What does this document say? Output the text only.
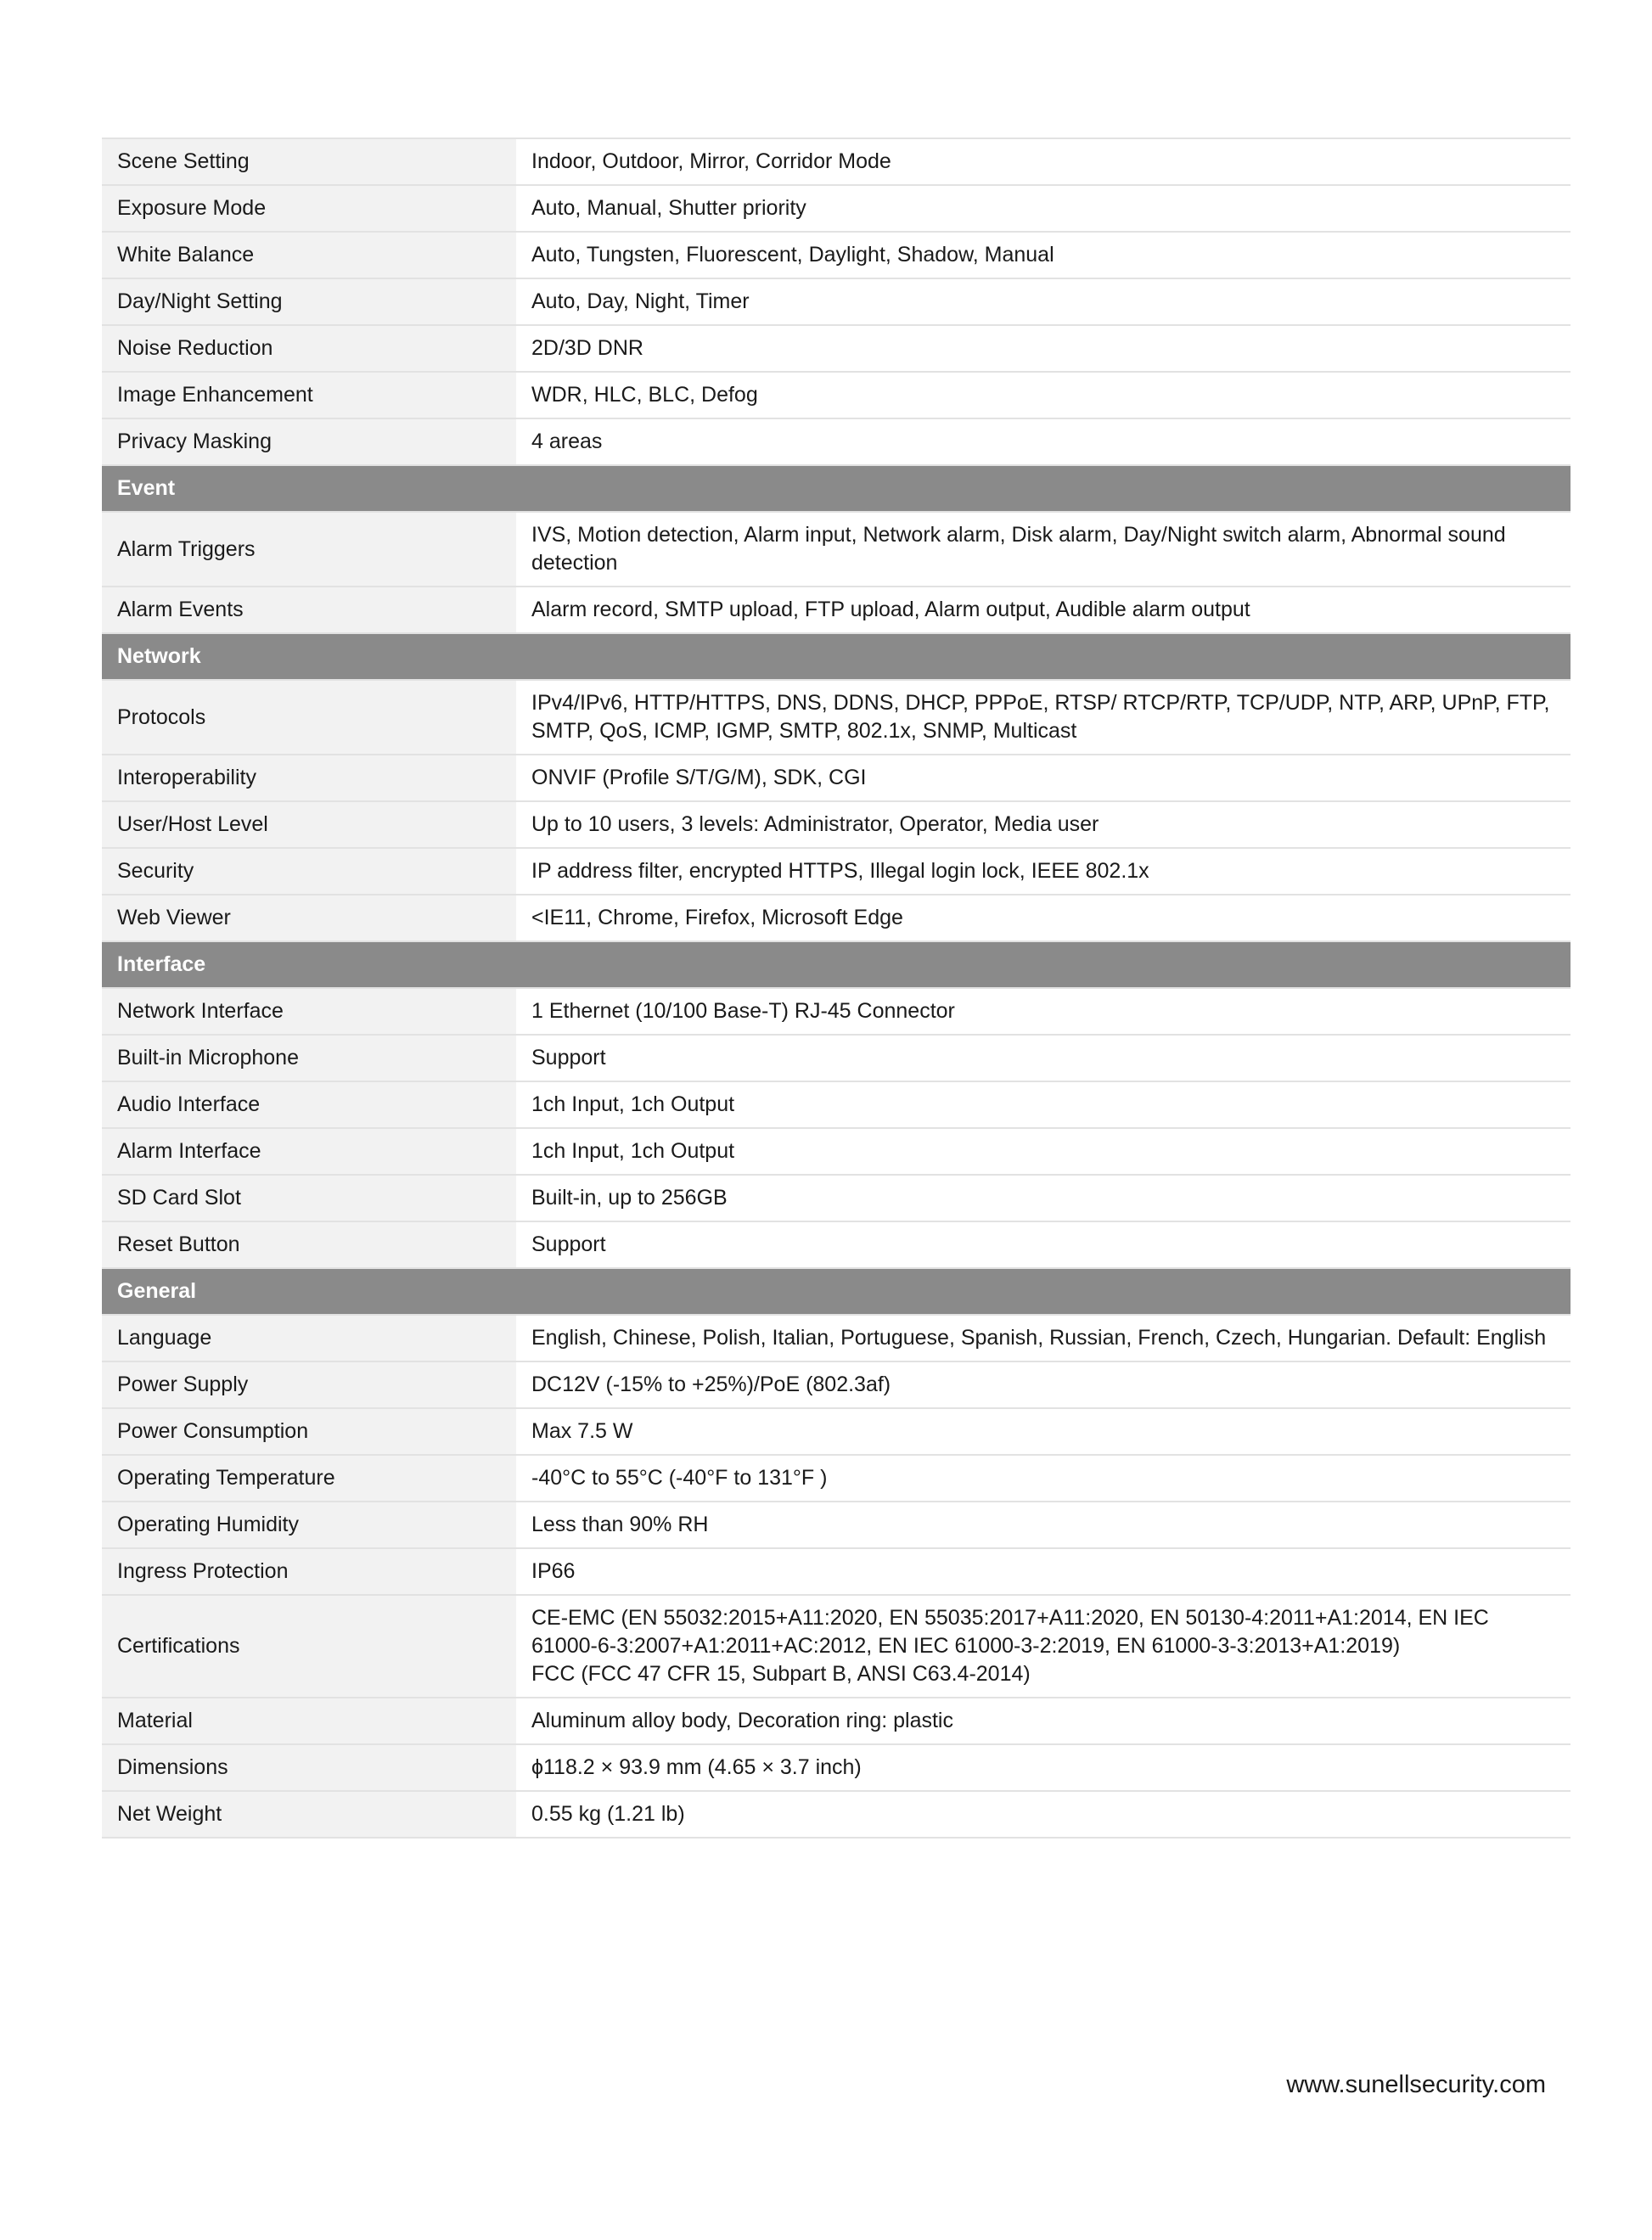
Scene Setting	Indoor, Outdoor, Mirror, Corridor Mode
Exposure Mode	Auto, Manual, Shutter priority
White Balance	Auto, Tungsten, Fluorescent, Daylight, Shadow, Manual
Day/Night Setting	Auto, Day, Night, Timer
Noise Reduction	2D/3D DNR
Image Enhancement	WDR, HLC, BLC, Defog
Privacy Masking	4 areas
Event	
Alarm Triggers	IVS, Motion detection, Alarm input, Network alarm, Disk alarm, Day/Night switch alarm, Abnormal sound detection
Alarm Events	Alarm record, SMTP upload, FTP upload, Alarm output, Audible alarm output
Network	
Protocols	IPv4/IPv6, HTTP/HTTPS, DNS, DDNS, DHCP, PPPoE, RTSP/ RTCP/RTP, TCP/UDP, NTP, ARP, UPnP, FTP, SMTP, QoS, ICMP, IGMP, SMTP, 802.1x, SNMP, Multicast
Interoperability	ONVIF (Profile S/T/G/M), SDK, CGI
User/Host Level	Up to 10 users, 3 levels: Administrator, Operator, Media user
Security	IP address filter, encrypted HTTPS, Illegal login lock, IEEE 802.1x
Web Viewer	<IE11, Chrome, Firefox, Microsoft Edge
Interface	
Network Interface	1 Ethernet (10/100 Base-T) RJ-45 Connector
Built-in Microphone	Support
Audio Interface	1ch Input, 1ch Output
Alarm Interface	1ch Input, 1ch Output
SD Card Slot	Built-in, up to 256GB
Reset Button	Support
General	
Language	English, Chinese, Polish, Italian, Portuguese, Spanish, Russian, French, Czech, Hungarian. Default: English
Power Supply	DC12V (-15% to +25%)/PoE (802.3af)
Power Consumption	Max 7.5 W
Operating Temperature	-40°C to 55°C (-40°F to 131°F )
Operating Humidity	Less than 90% RH
Ingress Protection	IP66
Certifications	CE-EMC (EN 55032:2015+A11:2020, EN 55035:2017+A11:2020, EN 50130-4:2011+A1:2014, EN IEC 61000-6-3:2007+A1:2011+AC:2012, EN IEC 61000-3-2:2019, EN 61000-3-3:2013+A1:2019)
FCC (FCC 47 CFR 15, Subpart B, ANSI C63.4-2014)
Material	Aluminum alloy body, Decoration ring: plastic
Dimensions	ϕ118.2 × 93.9 mm (4.65 × 3.7 inch)
Net Weight	0.55 kg (1.21 lb)
www.sunellsecurity.com
